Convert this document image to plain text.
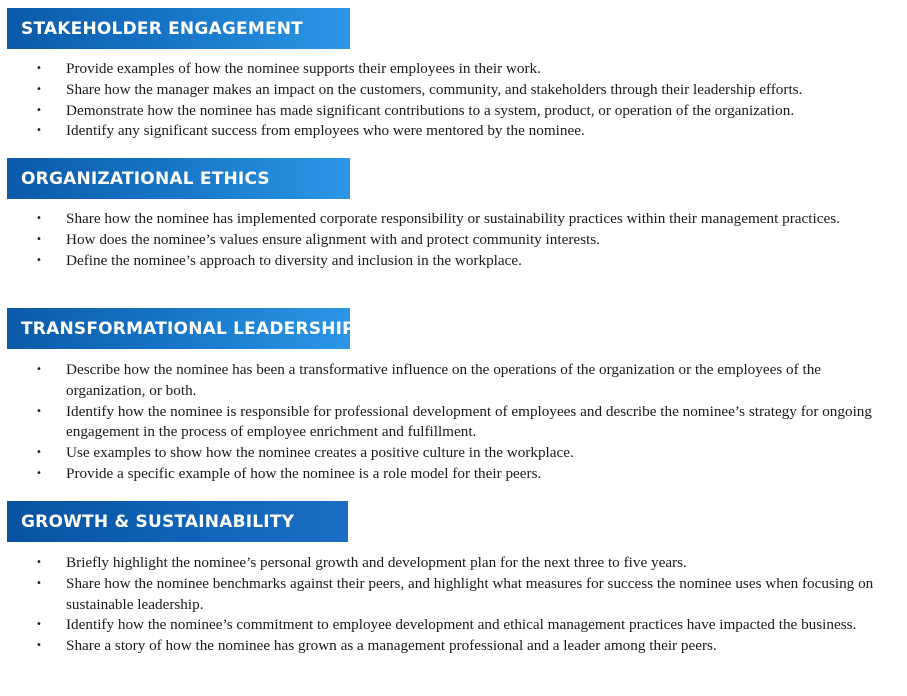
STAKEHOLDER ENGAGEMENT
• Provide examples of how the nominee supports their employees in their work.
• Share how the manager makes an impact on the customers, community, and stakeholders through their leadership efforts.
• Demonstrate how the nominee has made significant contributions to a system, product, or operation of the organization.
• Identify any significant success from employees who were mentored by the nominee.
ORGANIZATIONAL ETHICS
• Share how the nominee has implemented corporate responsibility or sustainability practices within their management practices.
• How does the nominee’s values ensure alignment with and protect community interests.
• Define the nominee’s approach to diversity and inclusion in the workplace.
TRANSFORMATIONAL LEADERSHIP
• Describe how the nominee has been a transformative influence on the operations of the organization or the employees of the organization, or both.
• Identify how the nominee is responsible for professional development of employees and describe the nominee’s strategy for ongoing engagement in the process of employee enrichment and fulfillment.
• Use examples to show how the nominee creates a positive culture in the workplace.
• Provide a specific example of how the nominee is a role model for their peers.
GROWTH & SUSTAINABILITY
• Briefly highlight the nominee’s personal growth and development plan for the next three to five years.
• Share how the nominee benchmarks against their peers, and highlight what measures for success the nominee uses when focusing on sustainable leadership.
• Identify how the nominee’s commitment to employee development and ethical management practices have impacted the business.
• Share a story of how the nominee has grown as a management professional and a leader among their peers.
